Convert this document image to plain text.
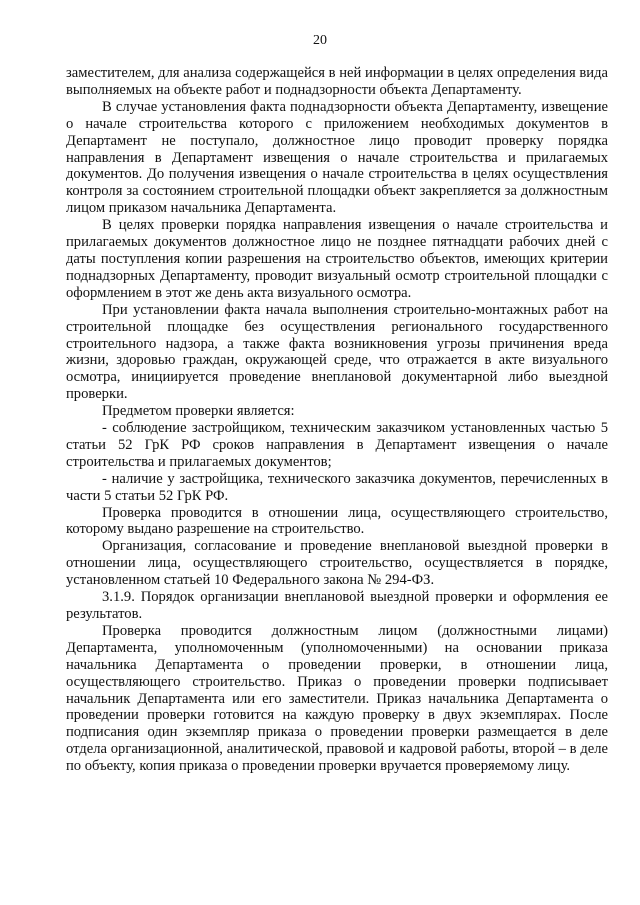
20

заместителем, для анализа содержащейся в ней информации в целях определения вида выполняемых на объекте работ и поднадзорности объекта Департаменту.

В случае установления факта поднадзорности объекта Департаменту, извещение о начале строительства которого с приложением необходимых документов в Департамент не поступало, должностное лицо проводит проверку порядка направления в Департамент извещения о начале строительства и прилагаемых документов. До получения извещения о начале строительства в целях осуществления контроля за состоянием строительной площадки объект закрепляется за должностным лицом приказом начальника Департамента.

В целях проверки порядка направления извещения о начале строительства и прилагаемых документов должностное лицо не позднее пятнадцати рабочих дней с даты поступления копии разрешения на строительство объектов, имеющих критерии поднадзорных Департаменту, проводит визуальный осмотр строительной площадки с оформлением в этот же день акта визуального осмотра.

При установлении факта начала выполнения строительно-монтажных работ на строительной площадке без осуществления регионального государственного строительного надзора, а также факта возникновения угрозы причинения вреда жизни, здоровью граждан, окружающей среде, что отражается в акте визуального осмотра, инициируется проведение внеплановой документарной либо выездной проверки.

Предметом проверки является:

- соблюдение застройщиком, техническим заказчиком установленных частью 5 статьи 52 ГрК РФ сроков направления в Департамент извещения о начале строительства и прилагаемых документов;

- наличие у застройщика, технического заказчика документов, перечисленных в части 5 статьи 52 ГрК РФ.

Проверка проводится в отношении лица, осуществляющего строительство, которому выдано разрешение на строительство.

Организация, согласование и проведение внеплановой выездной проверки в отношении лица, осуществляющего строительство, осуществляется в порядке, установленном статьей 10 Федерального закона № 294-ФЗ.

3.1.9. Порядок организации внеплановой выездной проверки и оформления ее результатов.

Проверка проводится должностным лицом (должностными лицами) Департамента, уполномоченным (уполномоченными) на основании приказа начальника Департамента о проведении проверки, в отношении лица, осуществляющего строительство. Приказ о проведении проверки подписывает начальник Департамента или его заместители. Приказ начальника Департамента о проведении проверки готовится на каждую проверку в двух экземплярах. После подписания один экземпляр приказа о проведении проверки размещается в деле отдела организационной, аналитической, правовой и кадровой работы, второй – в деле по объекту, копия приказа о проведении проверки вручается проверяемому лицу.
